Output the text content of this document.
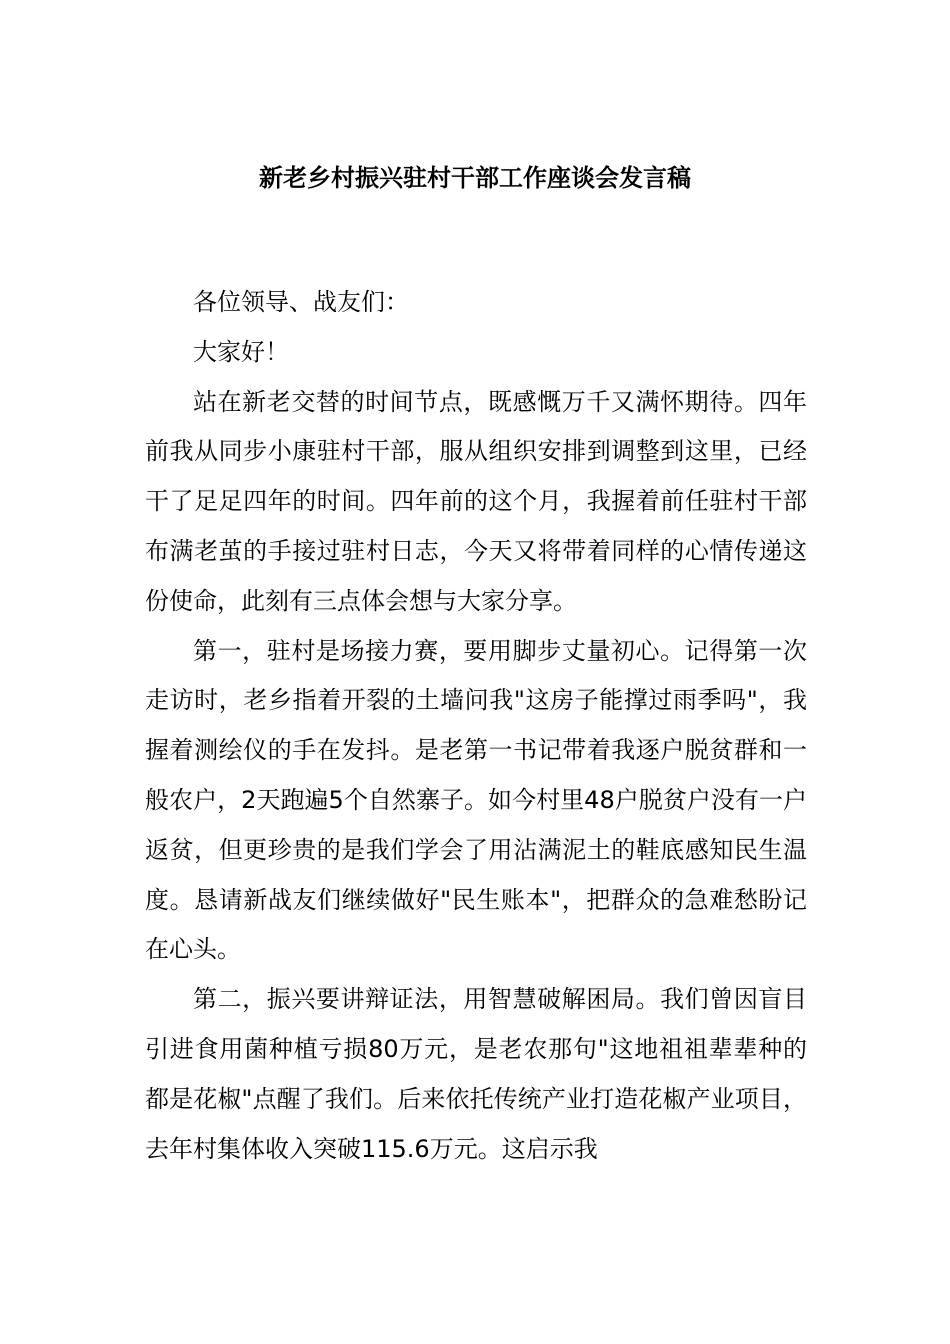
新老乡村振兴驻村干部工作座谈会发言稿

各位领导、战友们：

大家好！

站在新老交替的时间节点，既感慨万千又满怀期待。四年前我从同步小康驻村干部，服从组织安排到调整到这里，已经干了足足四年的时间。四年前的这个月，我握着前任驻村干部布满老茧的手接过驻村日志，今天又将带着同样的心情传递这份使命，此刻有三点体会想与大家分享。

第一，驻村是场接力赛，要用脚步丈量初心。记得第一次走访时，老乡指着开裂的土墙问我"这房子能撑过雨季吗"，我握着测绘仪的手在发抖。是老第一书记带着我逐户脱贫群和一般农户，2天跑遍5个自然寨子。如今村里48户脱贫户没有一户返贫，但更珍贵的是我们学会了用沾满泥土的鞋底感知民生温度。恳请新战友们继续做好"民生账本"，把群众的急难愁盼记在心头。

第二，振兴要讲辩证法，用智慧破解困局。我们曾因盲目引进食用菌种植亏损80万元，是老农那句"这地祖祖辈辈种的都是花椒"点醒了我们。后来依托传统产业打造花椒产业项目，去年村集体收入突破115.6万元。这启示我
